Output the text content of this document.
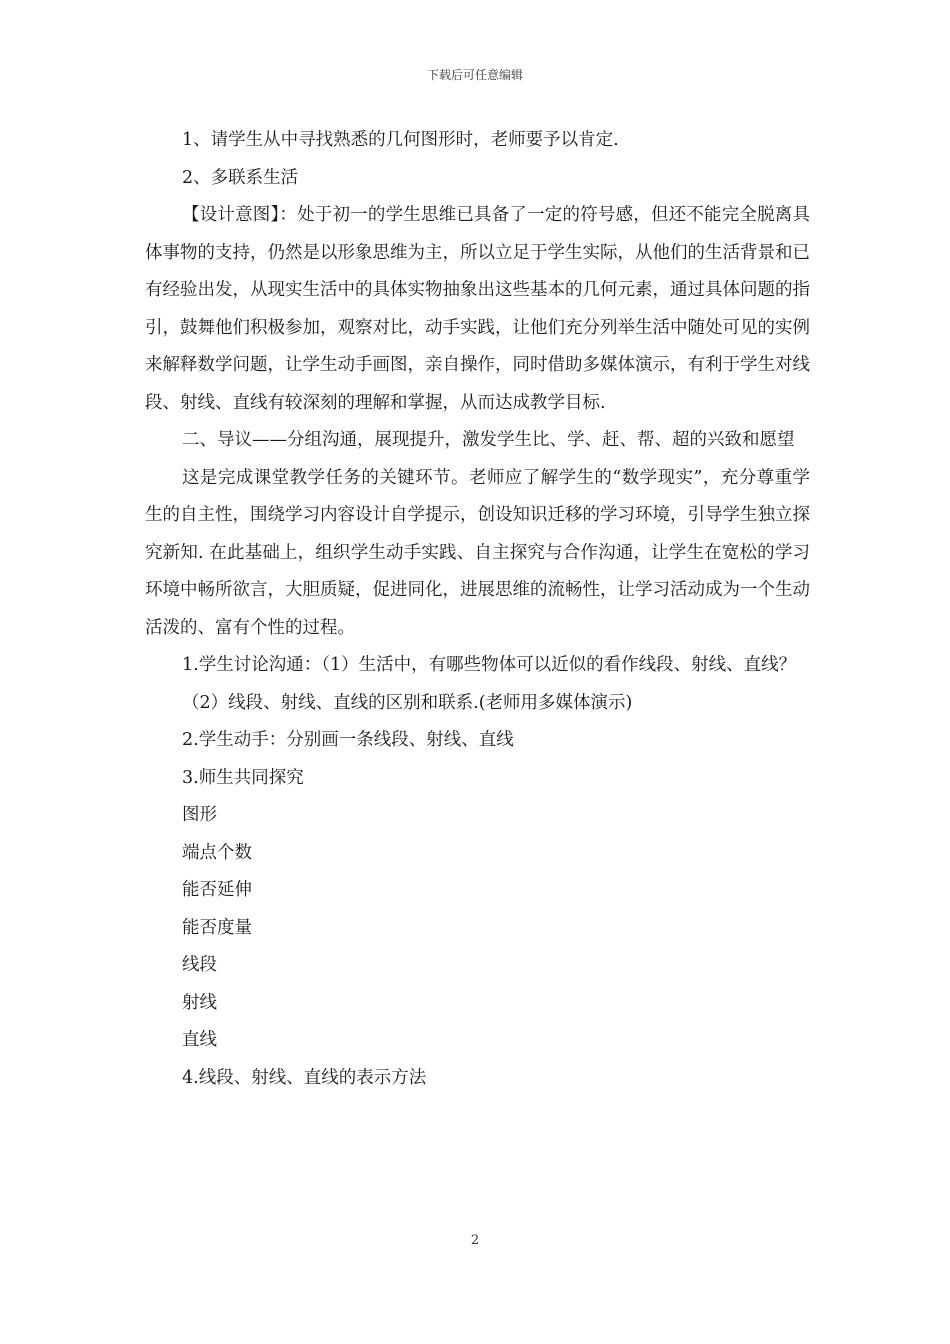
下载后可任意编辑

1、请学生从中寻找熟悉的几何图形时，老师要予以肯定.

2、多联系生活

【设计意图】：处于初一的学生思维已具备了一定的符号感，但还不能完全脱离具体事物的支持，仍然是以形象思维为主，所以立足于学生实际，从他们的生活背景和已有经验出发，从现实生活中的具体实物抽象出这些基本的几何元素，通过具体问题的指引，鼓舞他们积极参加，观察对比，动手实践，让他们充分列举生活中随处可见的实例来解释数学问题，让学生动手画图，亲自操作，同时借助多媒体演示，有利于学生对线段、射线、直线有较深刻的理解和掌握，从而达成教学目标.

二、导议——分组沟通，展现提升，激发学生比、学、赶、帮、超的兴致和愿望

这是完成课堂教学任务的关键环节。老师应了解学生的“数学现实”，充分尊重学生的自主性，围绕学习内容设计自学提示，创设知识迁移的学习环境，引导学生独立探究新知. 在此基础上，组织学生动手实践、自主探究与合作沟通，让学生在宽松的学习环境中畅所欲言，大胆质疑，促进同化，进展思维的流畅性，让学习活动成为一个生动活泼的、富有个性的过程。

1.学生讨论沟通：（1）生活中，有哪些物体可以近似的看作线段、射线、直线？

（2）线段、射线、直线的区别和联系.(老师用多媒体演示)

2.学生动手：分别画一条线段、射线、直线

3.师生共同探究

图形

端点个数

能否延伸

能否度量

线段

射线

直线

4.线段、射线、直线的表示方法

2
